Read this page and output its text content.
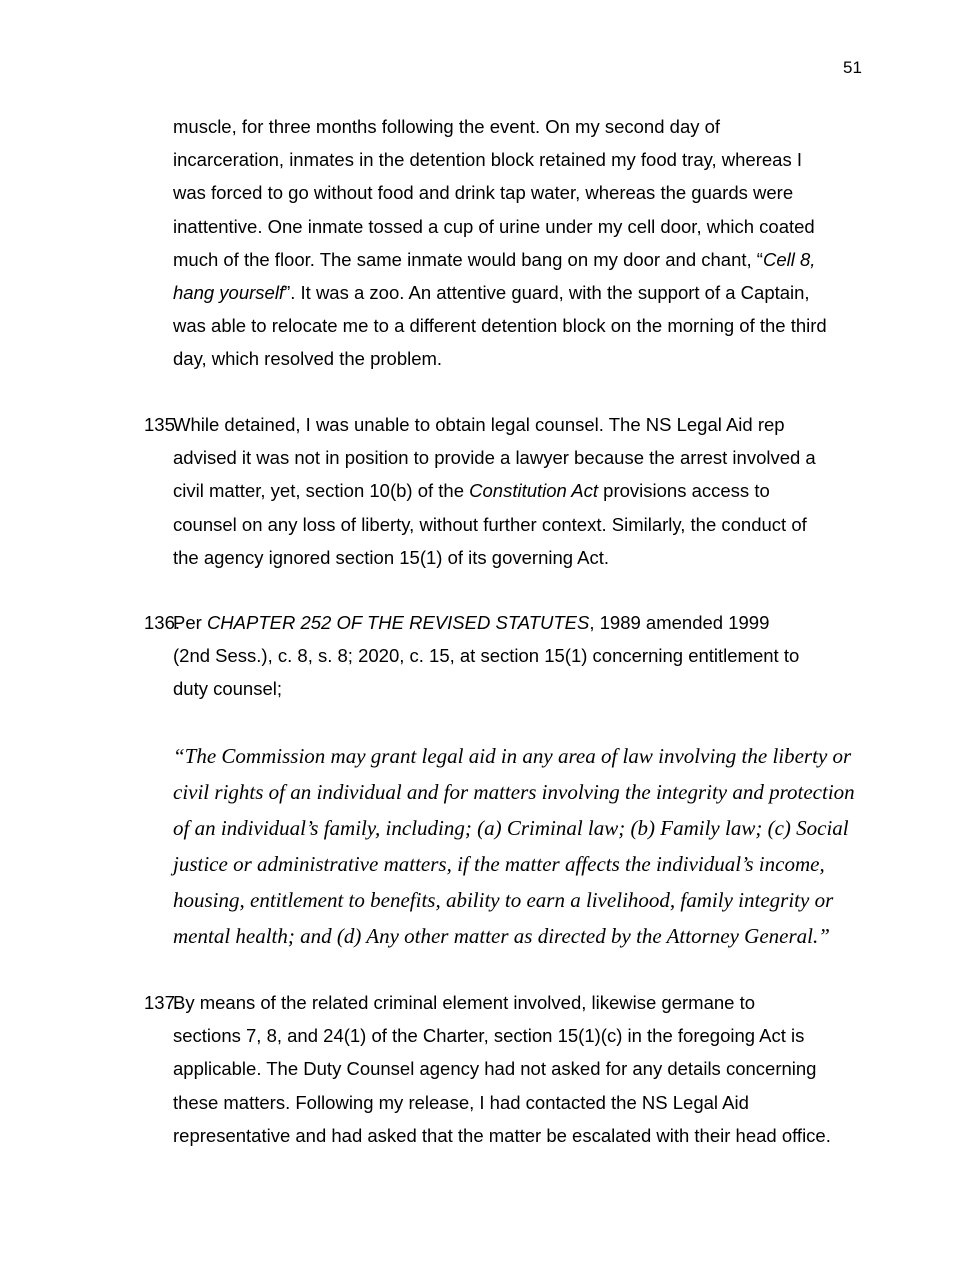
51
muscle, for three months following the event. On my second day of
incarceration, inmates in the detention block retained my food tray, whereas I
was forced to go without food and drink tap water, whereas the guards were
inattentive. One inmate tossed a cup of urine under my cell door, which coated
much of the floor. The same inmate would bang on my door and chant, “Cell 8,
hang yourself”. It was a zoo. An attentive guard, with the support of a Captain,
was able to relocate me to a different detention block on the morning of the third
day, which resolved the problem.
135.
While detained, I was unable to obtain legal counsel. The NS Legal Aid rep
advised it was not in position to provide a lawyer because the arrest involved a
civil matter, yet, section 10(b) of the Constitution Act provisions access to
counsel on any loss of liberty, without further context. Similarly, the conduct of
the agency ignored section 15(1) of its governing Act.
136.
Per CHAPTER 252 OF THE REVISED STATUTES, 1989 amended 1999
(2nd Sess.), c. 8, s. 8; 2020, c. 15, at section 15(1) concerning entitlement to
duty counsel;
“The Commission may grant legal aid in any area of law involving the liberty or
civil rights of an individual and for matters involving the integrity and protection
of an individual’s family, including; (a) Criminal law; (b) Family law; (c) Social
justice or administrative matters, if the matter affects the individual’s income,
housing, entitlement to benefits, ability to earn a livelihood, family integrity or
mental health; and (d) Any other matter as directed by the Attorney General.”
137.
By means of the related criminal element involved, likewise germane to
sections 7, 8, and 24(1) of the Charter, section 15(1)(c) in the foregoing Act is
applicable. The Duty Counsel agency had not asked for any details concerning
these matters. Following my release, I had contacted the NS Legal Aid
representative and had asked that the matter be escalated with their head office.
